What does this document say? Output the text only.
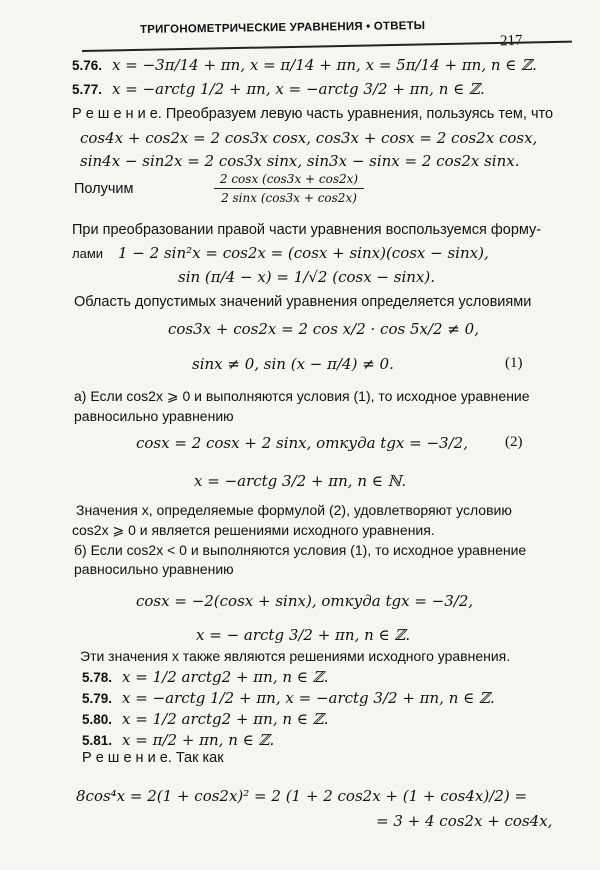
ТРИГОНОМЕТРИЧЕСКИЕ УРАВНЕНИЯ • ОТВЕТЫ
5.76. x = −3π/14 + πn, x = π/14 + πn, x = 5π/14 + πn, n ∈ ℤ.
5.77. x = −arctg 1/2 + πn, x = −arctg 3/2 + πn, n ∈ ℤ.
Р е ш е н и е. Преобразуем левую часть уравнения, пользуясь тем, что
cos4x + cos2x = 2 cos3x cosx, cos3x + cosx = 2 cos2x cosx,
sin4x − sin2x = 2 cos3x sinx, sin3x − sinx = 2 cos2x sinx.
Получим
2 cosx (cos3x + cos2x)
2 sinx (cos3x + cos2x)
При преобразовании правой части уравнения воспользуемся форму-
лами 1 − 2 sin²x = cos2x = (cosx + sinx)(cosx − sinx),
sin (π/4 − x) = 1/√2 (cosx − sinx).
Область допустимых значений уравнения определяется условиями
cos3x + cos2x = 2 cos x/2 · cos 5x/2 ≠ 0,
sinx ≠ 0, sin (x − π/4) ≠ 0.	(1)
а) Если cos2x ⩾ 0 и выполняются условия (1), то исходное уравнение
равносильно уравнению
cosx = 2 cosx + 2 sinx, откуда tgx = −3/2, (2)
x = −arctg 3/2 + πn, n ∈ ℕ.
Значения x, определяемые формулой (2), удовлетворяют условию
cos2x ⩾ 0 и является решениями исходного уравнения.
б) Если cos2x < 0 и выполняются условия (1), то исходное уравнение
равносильно уравнению
cosx = −2(cosx + sinx), откуда tgx = −3/2,
x = − arctg 3/2 + πn, n ∈ ℤ.
Эти значения x также являются решениями исходного уравнения.
5.78. x = 1/2 arctg2 + πn, n ∈ ℤ.
5.79. x = −arctg 1/2 + πn, x = −arctg 3/2 + πn, n ∈ ℤ.
5.80. x = 1/2 arctg2 + πn, n ∈ ℤ.
5.81. x = π/2 + πn, n ∈ ℤ.
Р е ш е н и е. Так как
8cos⁴x = 2(1 + cos2x)² = 2 (1 + 2 cos2x + (1 + cos4x)/2) =
= 3 + 4 cos2x + cos4x,
